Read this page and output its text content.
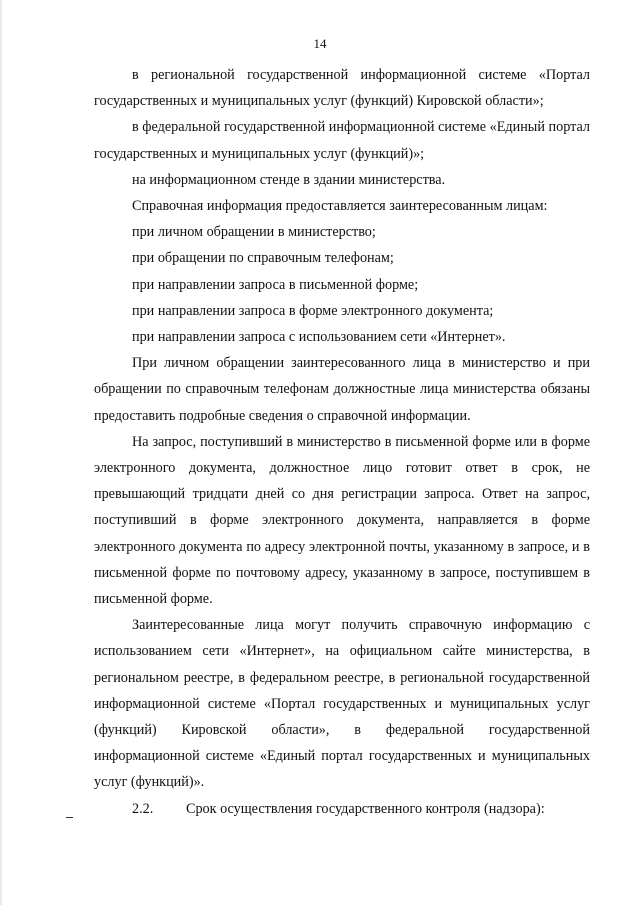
14

в региональной государственной информационной системе «Портал государственных и муниципальных услуг (функций) Кировской области»;

в федеральной государственной информационной системе «Единый портал государственных и муниципальных услуг (функций)»;

на информационном стенде в здании министерства.

Справочная информация предоставляется заинтересованным лицам:

при личном обращении в министерство;

при обращении по справочным телефонам;

при направлении запроса в письменной форме;

при направлении запроса в форме электронного документа;

при направлении запроса с использованием сети «Интернет».

При личном обращении заинтересованного лица в министерство и при обращении по справочным телефонам должностные лица министерства обязаны предоставить подробные сведения о справочной информации.

На запрос, поступивший в министерство в письменной форме или в форме электронного документа, должностное лицо готовит ответ в срок, не превышающий тридцати дней со дня регистрации запроса. Ответ на запрос, поступивший в форме электронного документа, направляется в форме электронного документа по адресу электронной почты, указанному в запросе, и в письменной форме по почтовому адресу, указанному в запросе, поступившем в письменной форме.

Заинтересованные лица могут получить справочную информацию с использованием сети «Интернет», на официальном сайте министерства, в региональном реестре, в федеральном реестре, в региональной государственной информационной системе «Портал государственных и муниципальных услуг (функций) Кировской области», в федеральной государственной информационной системе «Единый портал государственных и муниципальных услуг (функций)».

2.2. Срок осуществления государственного контроля (надзора):
